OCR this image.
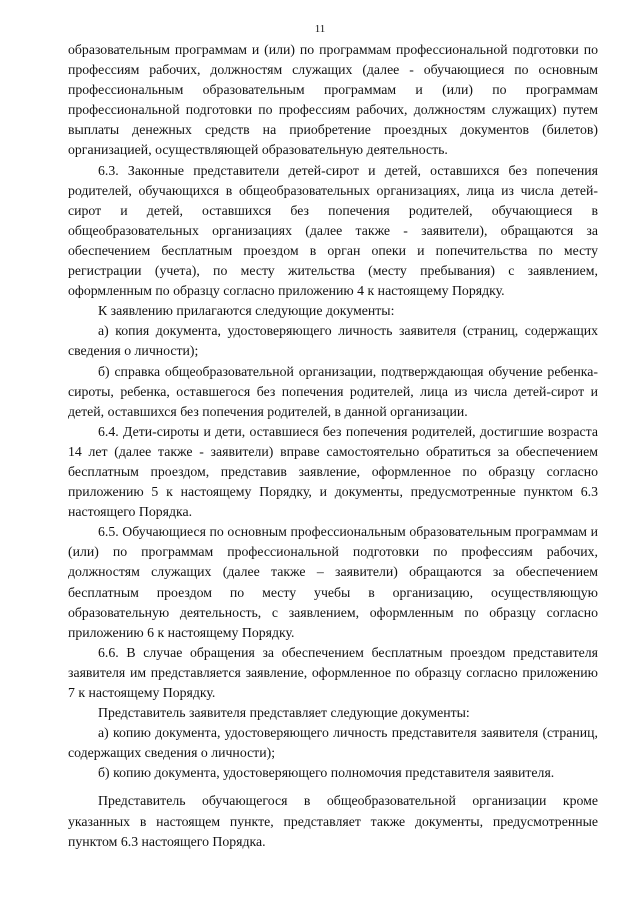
11

образовательным программам и (или) по программам профессиональной подготовки по профессиям рабочих, должностям служащих (далее - обучающиеся по основным профессиональным образовательным программам и (или) по программам профессиональной подготовки по профессиям рабочих, должностям служащих) путем выплаты денежных средств на приобретение проездных документов (билетов) организацией, осуществляющей образовательную деятельность.

6.3. Законные представители детей-сирот и детей, оставшихся без попечения родителей, обучающихся в общеобразовательных организациях, лица из числа детей-сирот и детей, оставшихся без попечения родителей, обучающиеся в общеобразовательных организациях (далее также - заявители), обращаются за обеспечением бесплатным проездом в орган опеки и попечительства по месту регистрации (учета), по месту жительства (месту пребывания) с заявлением, оформленным по образцу согласно приложению 4 к настоящему Порядку.

К заявлению прилагаются следующие документы:

а) копия документа, удостоверяющего личность заявителя (страниц, содержащих сведения о личности);

б) справка общеобразовательной организации, подтверждающая обучение ребенка-сироты, ребенка, оставшегося без попечения родителей, лица из числа детей-сирот и детей, оставшихся без попечения родителей, в данной организации.

6.4. Дети-сироты и дети, оставшиеся без попечения родителей, достигшие возраста 14 лет (далее также - заявители) вправе самостоятельно обратиться за обеспечением бесплатным проездом, представив заявление, оформленное по образцу согласно приложению 5 к настоящему Порядку, и документы, предусмотренные пунктом 6.3 настоящего Порядка.

6.5. Обучающиеся по основным профессиональным образовательным программам и (или) по программам профессиональной подготовки по профессиям рабочих, должностям служащих (далее также – заявители) обращаются за обеспечением бесплатным проездом по месту учебы в организацию, осуществляющую образовательную деятельность, с заявлением, оформленным по образцу согласно приложению 6 к настоящему Порядку.

6.6. В случае обращения за обеспечением бесплатным проездом представителя заявителя им представляется заявление, оформленное по образцу согласно приложению 7 к настоящему Порядку.

Представитель заявителя представляет следующие документы:

а) копию документа, удостоверяющего личность представителя заявителя (страниц, содержащих сведения о личности);

б) копию документа, удостоверяющего полномочия представителя заявителя.

Представитель обучающегося в общеобразовательной организации кроме указанных в настоящем пункте, представляет также документы, предусмотренные пунктом 6.3 настоящего Порядка.
